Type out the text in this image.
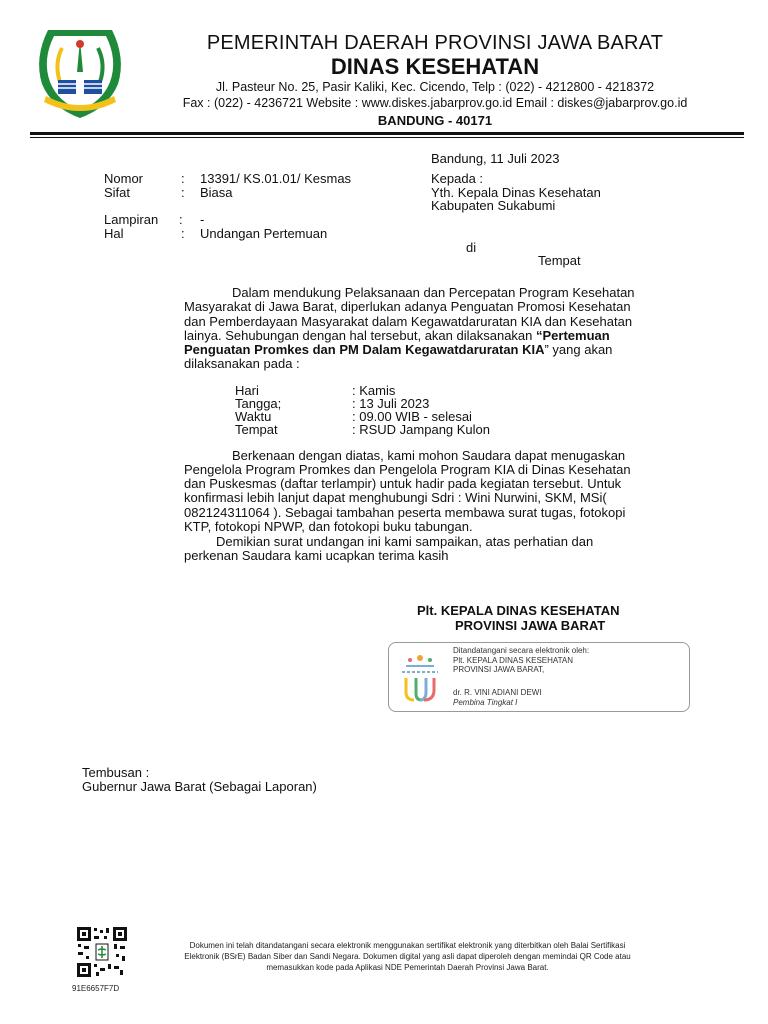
PEMERINTAH DAERAH PROVINSI JAWA BARAT
DINAS KESEHATAN
Jl. Pasteur No. 25, Pasir Kaliki, Kec. Cicendo, Telp : (022) - 4212800 - 4218372
Fax : (022) - 4236721 Website : www.diskes.jabarprov.go.id Email : diskes@jabarprov.go.id
BANDUNG - 40171
Bandung, 11 Juli 2023
Nomor	: 13391/ KS.01.01/ Kesmas
Sifat	: Biasa
Lampiran : -
Hal	: Undangan Pertemuan
Kepada :
Yth. Kepala Dinas Kesehatan
Kabupaten Sukabumi
di
Tempat
Dalam mendukung Pelaksanaan dan Percepatan Program Kesehatan
Masyarakat di Jawa Barat, diperlukan adanya Penguatan Promosi Kesehatan
dan Pemberdayaan Masyarakat dalam Kegawatdaruratan KIA dan Kesehatan
lainya. Sehubungan dengan hal tersebut, akan dilaksanakan “Pertemuan
Penguatan Promkes dan PM Dalam Kegawatdaruratan KIA” yang akan
dilaksanakan pada :
Hari	: Kamis
Tangga;	: 13 Juli 2023
Waktu	: 09.00 WIB - selesai
Tempat	: RSUD Jampang Kulon
Berkenaan dengan diatas, kami mohon Saudara dapat menugaskan
Pengelola Program Promkes dan Pengelola Program KIA di Dinas Kesehatan
dan Puskesmas (daftar terlampir) untuk hadir pada kegiatan tersebut. Untuk
konfirmasi lebih lanjut dapat menghubungi Sdri : Wini Nurwini, SKM, MSi(
082124311064 ). Sebagai tambahan peserta membawa surat tugas, fotokopi
KTP, fotokopi NPWP, dan fotokopi buku tabungan.
Demikian surat undangan ini kami sampaikan, atas perhatian dan
perkenan Saudara kami ucapkan terima kasih
Plt. KEPALA DINAS KESEHATAN
PROVINSI JAWA BARAT
Ditandatangani secara elektronik oleh:
Plt. KEPALA DINAS KESEHATAN
PROVINSI JAWA BARAT,
dr. R. VINI ADIANI DEWI
Pembina Tingkat I
Tembusan :
Gubernur Jawa Barat (Sebagai Laporan)
Dokumen ini telah ditandatangani secara elektronik menggunakan sertifikat elektronik yang diterbitkan oleh Balai Sertifikasi
Elektronik (BSrE) Badan Siber dan Sandi Negara. Dokumen digital yang asli dapat diperoleh dengan memindai QR Code atau
memasukkan kode pada Aplikasi NDE Pemerintah Daerah Provinsi Jawa Barat.
91E6657F7D
